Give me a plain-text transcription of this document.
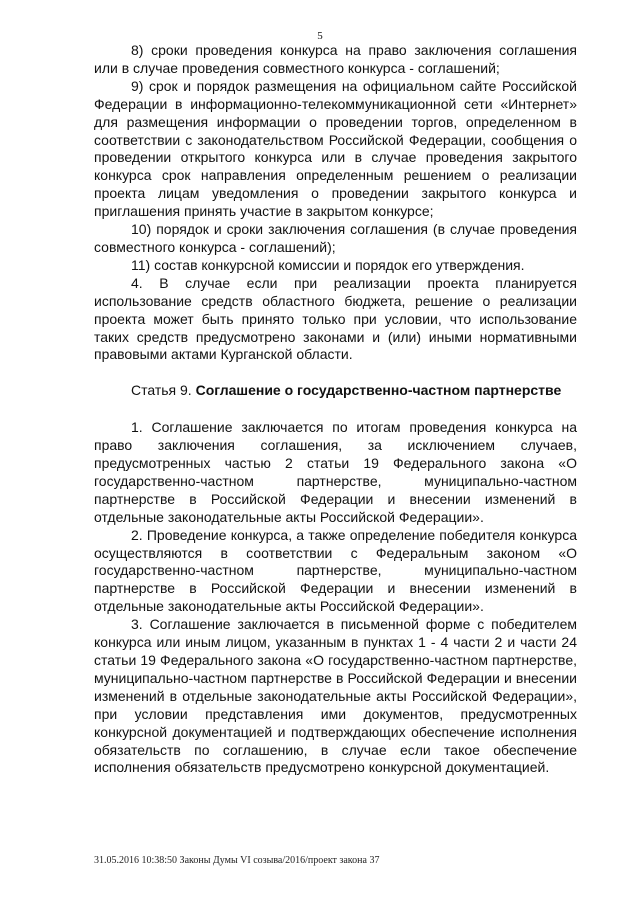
5

8) сроки проведения конкурса на право заключения соглашения или в случае проведения совместного конкурса - соглашений;

9) срок и порядок размещения на официальном сайте Российской Федерации в информационно-телекоммуникационной сети «Интернет» для размещения информации о проведении торгов, определенном в соответствии с законодательством Российской Федерации, сообщения о проведении открытого конкурса или в случае проведения закрытого конкурса срок направления определенным решением о реализации проекта лицам уведомления о проведении закрытого конкурса и приглашения принять участие в закрытом конкурсе;

10) порядок и сроки заключения соглашения (в случае проведения совместного конкурса - соглашений);

11) состав конкурсной комиссии и порядок его утверждения.

4. В случае если при реализации проекта планируется использование средств областного бюджета, решение о реализации проекта может быть принято только при условии, что использование таких средств предусмотрено законами и (или) иными нормативными правовыми актами Курганской области.

Статья 9. Соглашение о государственно-частном партнерстве

1. Соглашение заключается по итогам проведения конкурса на право заключения соглашения, за исключением случаев, предусмотренных частью 2 статьи 19 Федерального закона «О государственно-частном партнерстве, муниципально-частном партнерстве в Российской Федерации и внесении изменений в отдельные законодательные акты Российской Федерации».

2. Проведение конкурса, а также определение победителя конкурса осуществляются в соответствии с Федеральным законом «О государственно-частном партнерстве, муниципально-частном партнерстве в Российской Федерации и внесении изменений в отдельные законодательные акты Российской Федерации».

3. Соглашение заключается в письменной форме с победителем конкурса или иным лицом, указанным в пунктах 1 - 4 части 2 и части 24 статьи 19 Федерального закона «О государственно-частном партнерстве, муниципально-частном партнерстве в Российской Федерации и внесении изменений в отдельные законодательные акты Российской Федерации», при условии представления ими документов, предусмотренных конкурсной документацией и подтверждающих обеспечение исполнения обязательств по соглашению, в случае если такое обеспечение исполнения обязательств предусмотрено конкурсной документацией.

31.05.2016 10:38:50 Законы Думы VI созыва/2016/проект закона 37
